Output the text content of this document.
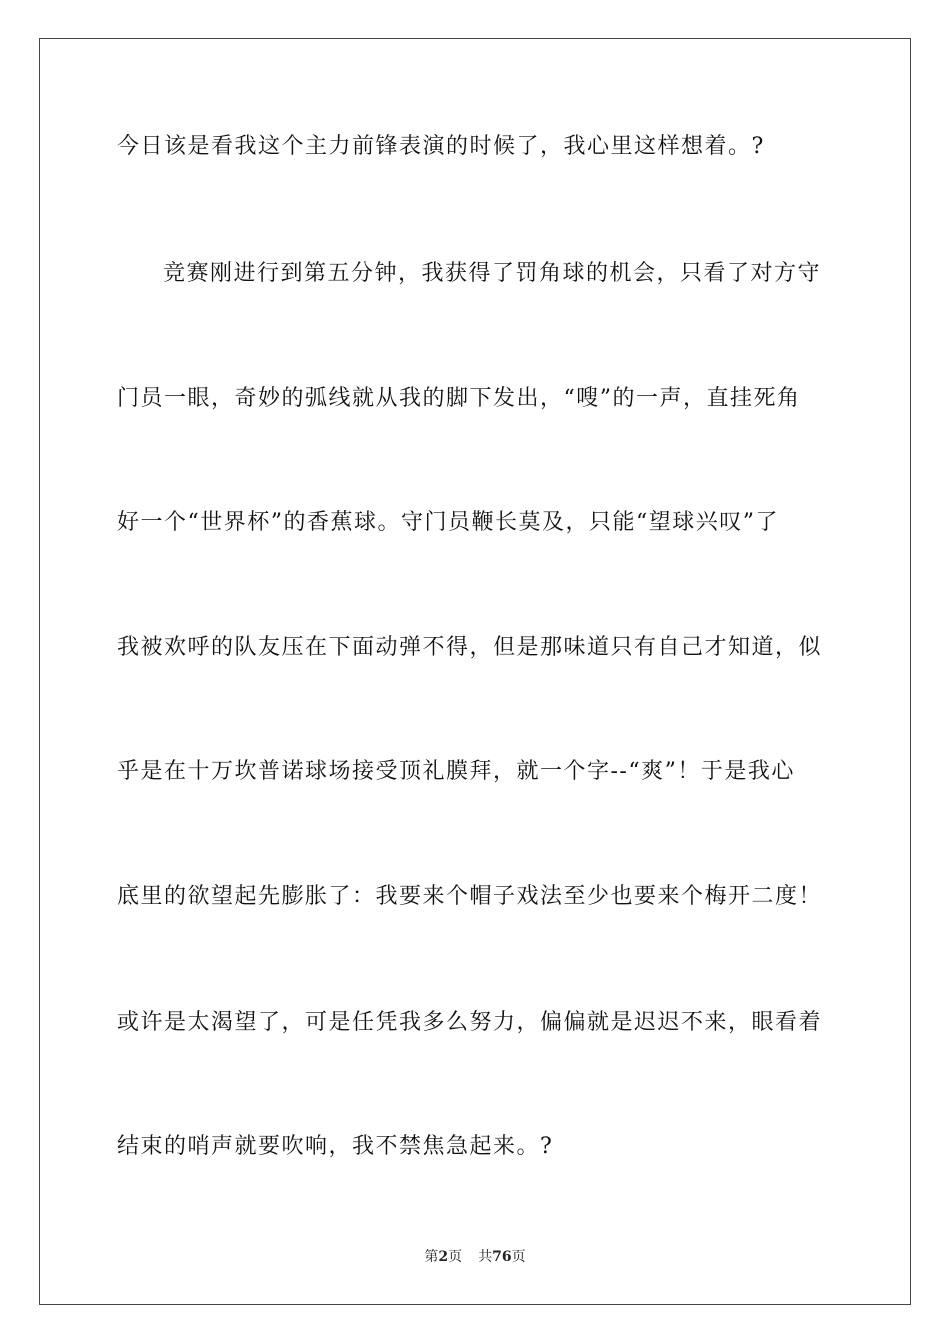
今日该是看我这个主力前锋表演的时候了，我心里这样想着。?
竞赛刚进行到第五分钟，我获得了罚角球的机会，只看了对方守
门员一眼，奇妙的弧线就从我的脚下发出，“嗖”的一声，直挂死角
好一个“世界杯”的香蕉球。守门员鞭长莫及，只能“望球兴叹”了
我被欢呼的队友压在下面动弹不得，但是那味道只有自己才知道，似
乎是在十万坎普诺球场接受顶礼膜拜，就一个字--“爽”！于是我心
底里的欲望起先膨胀了：我要来个帽子戏法至少也要来个梅开二度！
或许是太渴望了，可是任凭我多么努力，偏偏就是迟迟不来，眼看着
结束的哨声就要吹响，我不禁焦急起来。?
第2页 共76页
